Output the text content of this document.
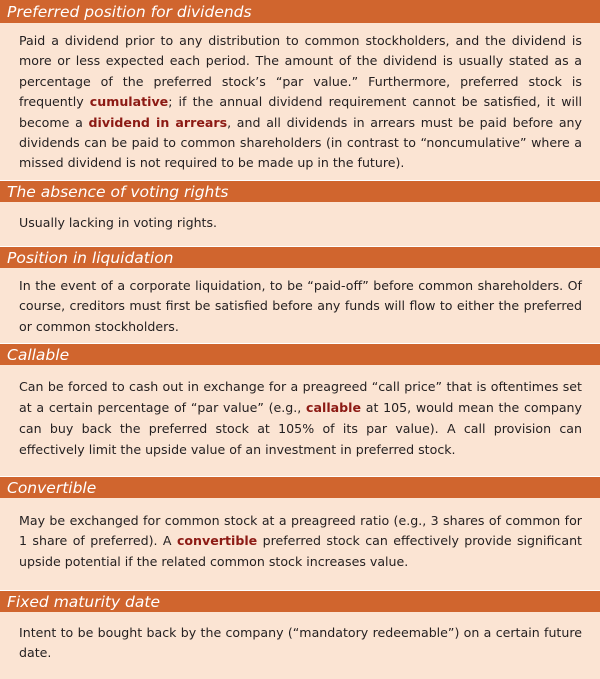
Preferred position for dividends
Paid a dividend prior to any distribution to common stockholders, and the dividend is more or less expected each period. The amount of the dividend is usually stated as a percentage of the preferred stock’s “par value.” Furthermore, preferred stock is frequently cumulative; if the annual dividend requirement cannot be satisfied, it will become a dividend in arrears, and all dividends in arrears must be paid before any dividends can be paid to common shareholders (in contrast to “noncumulative” where a missed dividend is not required to be made up in the future).
The absence of voting rights
Usually lacking in voting rights.
Position in liquidation
In the event of a corporate liquidation, to be “paid-off” before common shareholders. Of course, creditors must first be satisfied before any funds will flow to either the preferred or common stockholders.
Callable
Can be forced to cash out in exchange for a preagreed “call price” that is oftentimes set at a certain percentage of “par value” (e.g., callable at 105, would mean the company can buy back the preferred stock at 105% of its par value). A call provision can effectively limit the upside value of an investment in preferred stock.
Convertible
May be exchanged for common stock at a preagreed ratio (e.g., 3 shares of common for 1 share of preferred). A convertible preferred stock can effectively provide significant upside potential if the related common stock increases value.
Fixed maturity date
Intent to be bought back by the company (“mandatory redeemable”) on a certain future date.
